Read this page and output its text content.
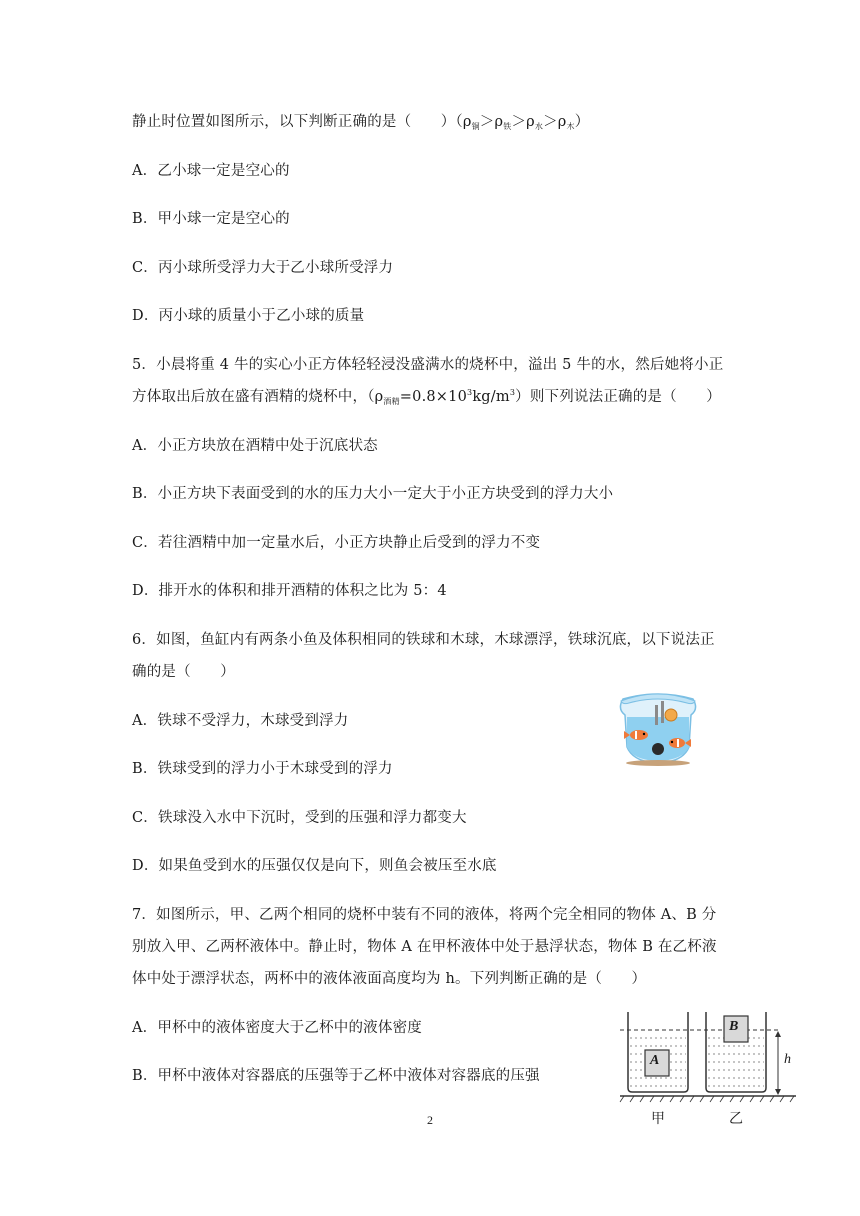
静止时位置如图所示，以下判断正确的是（　　）$(\rho_铜>\rho_铁>\rho_水>\rho_木)$
A．乙小球一定是空心的
B．甲小球一定是空心的
C．丙小球所受浮力大于乙小球所受浮力
D．丙小球的质量小于乙小球的质量
5．小晨将重 4 牛的实心小正方体轻轻浸没盛满水的烧杯中，溢出 5 牛的水，然后她将小正
方体取出后放在盛有酒精的烧杯中，$(\rho_{酒精}=0.8\times 10^3kg/m^3)$则下列说法正确的是（　　）
A．小正方块放在酒精中处于沉底状态
B．小正方块下表面受到的水的压力大小一定大于小正方块受到的浮力大小
C．若往酒精中加一定量水后，小正方块静止后受到的浮力不变
D．排开水的体积和排开酒精的体积之比为 5：4
6．如图，鱼缸内有两条小鱼及体积相同的铁球和木球，木球漂浮，铁球沉底，以下说法正
确的是（　　）
A．铁球不受浮力，木球受到浮力
B．铁球受到的浮力小于木球受到的浮力
C．铁球没入水中下沉时，受到的压强和浮力都变大
D．如果鱼受到水的压强仅仅是向下，则鱼会被压至水底
7．如图所示，甲、乙两个相同的烧杯中装有不同的液体，将两个完全相同的物体 A、B 分
别放入甲、乙两杯液体中。静止时，物体 A 在甲杯液体中处于悬浮状态，物体 B 在乙杯液
体中处于漂浮状态，两杯中的液体液面高度均为 h。下列判断正确的是（　　）
A．甲杯中的液体密度大于乙杯中的液体密度
B．甲杯中液体对容器底的压强等于乙杯中液体对容器底的压强
A
B
h
甲	乙
2
